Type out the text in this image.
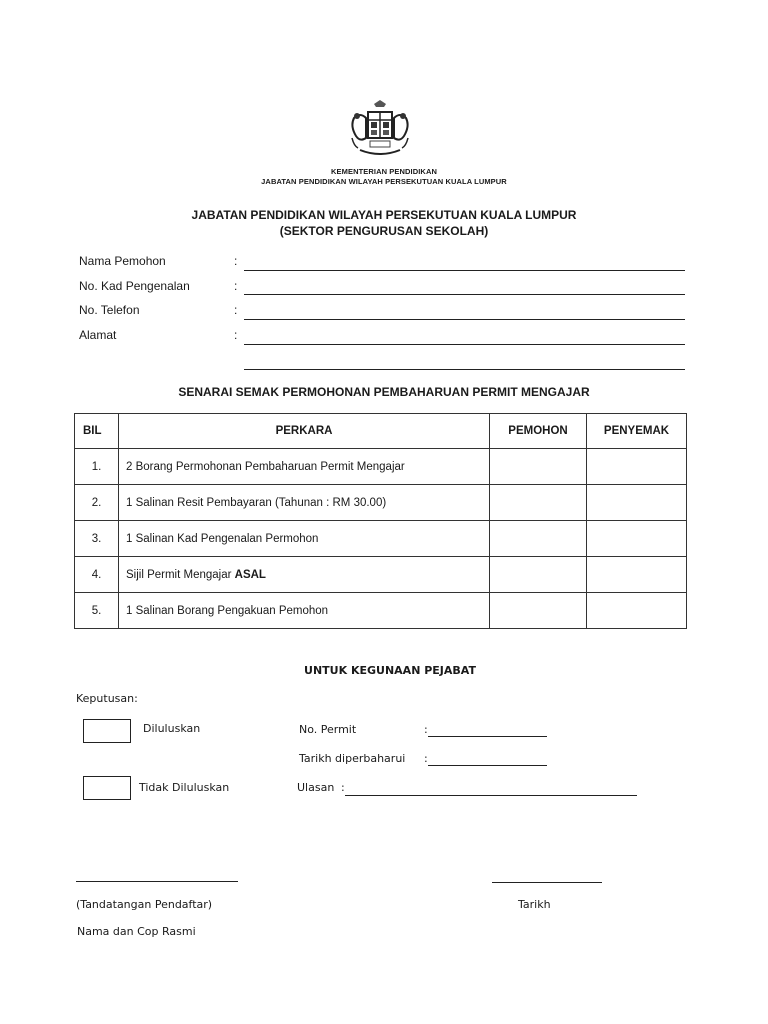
KEMENTERIAN PENDIDIKAN
JABATAN PENDIDIKAN WILAYAH PERSEKUTUAN KUALA LUMPUR
JABATAN PENDIDIKAN WILAYAH PERSEKUTUAN KUALA LUMPUR
(SEKTOR PENGURUSAN SEKOLAH)
Nama Pemohon	:
No. Kad Pengenalan	:
No. Telefon	:
Alamat	:
SENARAI SEMAK PERMOHONAN PEMBAHARUAN PERMIT MENGAJAR
BIL	PERKARA	PEMOHON	PENYEMAK
1.	2 Borang Permohonan Pembaharuan Permit Mengajar		
2.	1 Salinan Resit Pembayaran (Tahunan : RM 30.00)		
3.	1 Salinan Kad Pengenalan Permohon		
4.	Sijil Permit Mengajar ASAL		
5.	1 Salinan Borang Pengakuan Pemohon		
UNTUK KEGUNAAN PEJABAT
Keputusan:
Diluluskan
Tidak Diluluskan
No. Permit	:
Tarikh diperbaharui :
Ulasan :
(Tandatangan Pendaftar)	Tarikh
Nama dan Cop Rasmi
